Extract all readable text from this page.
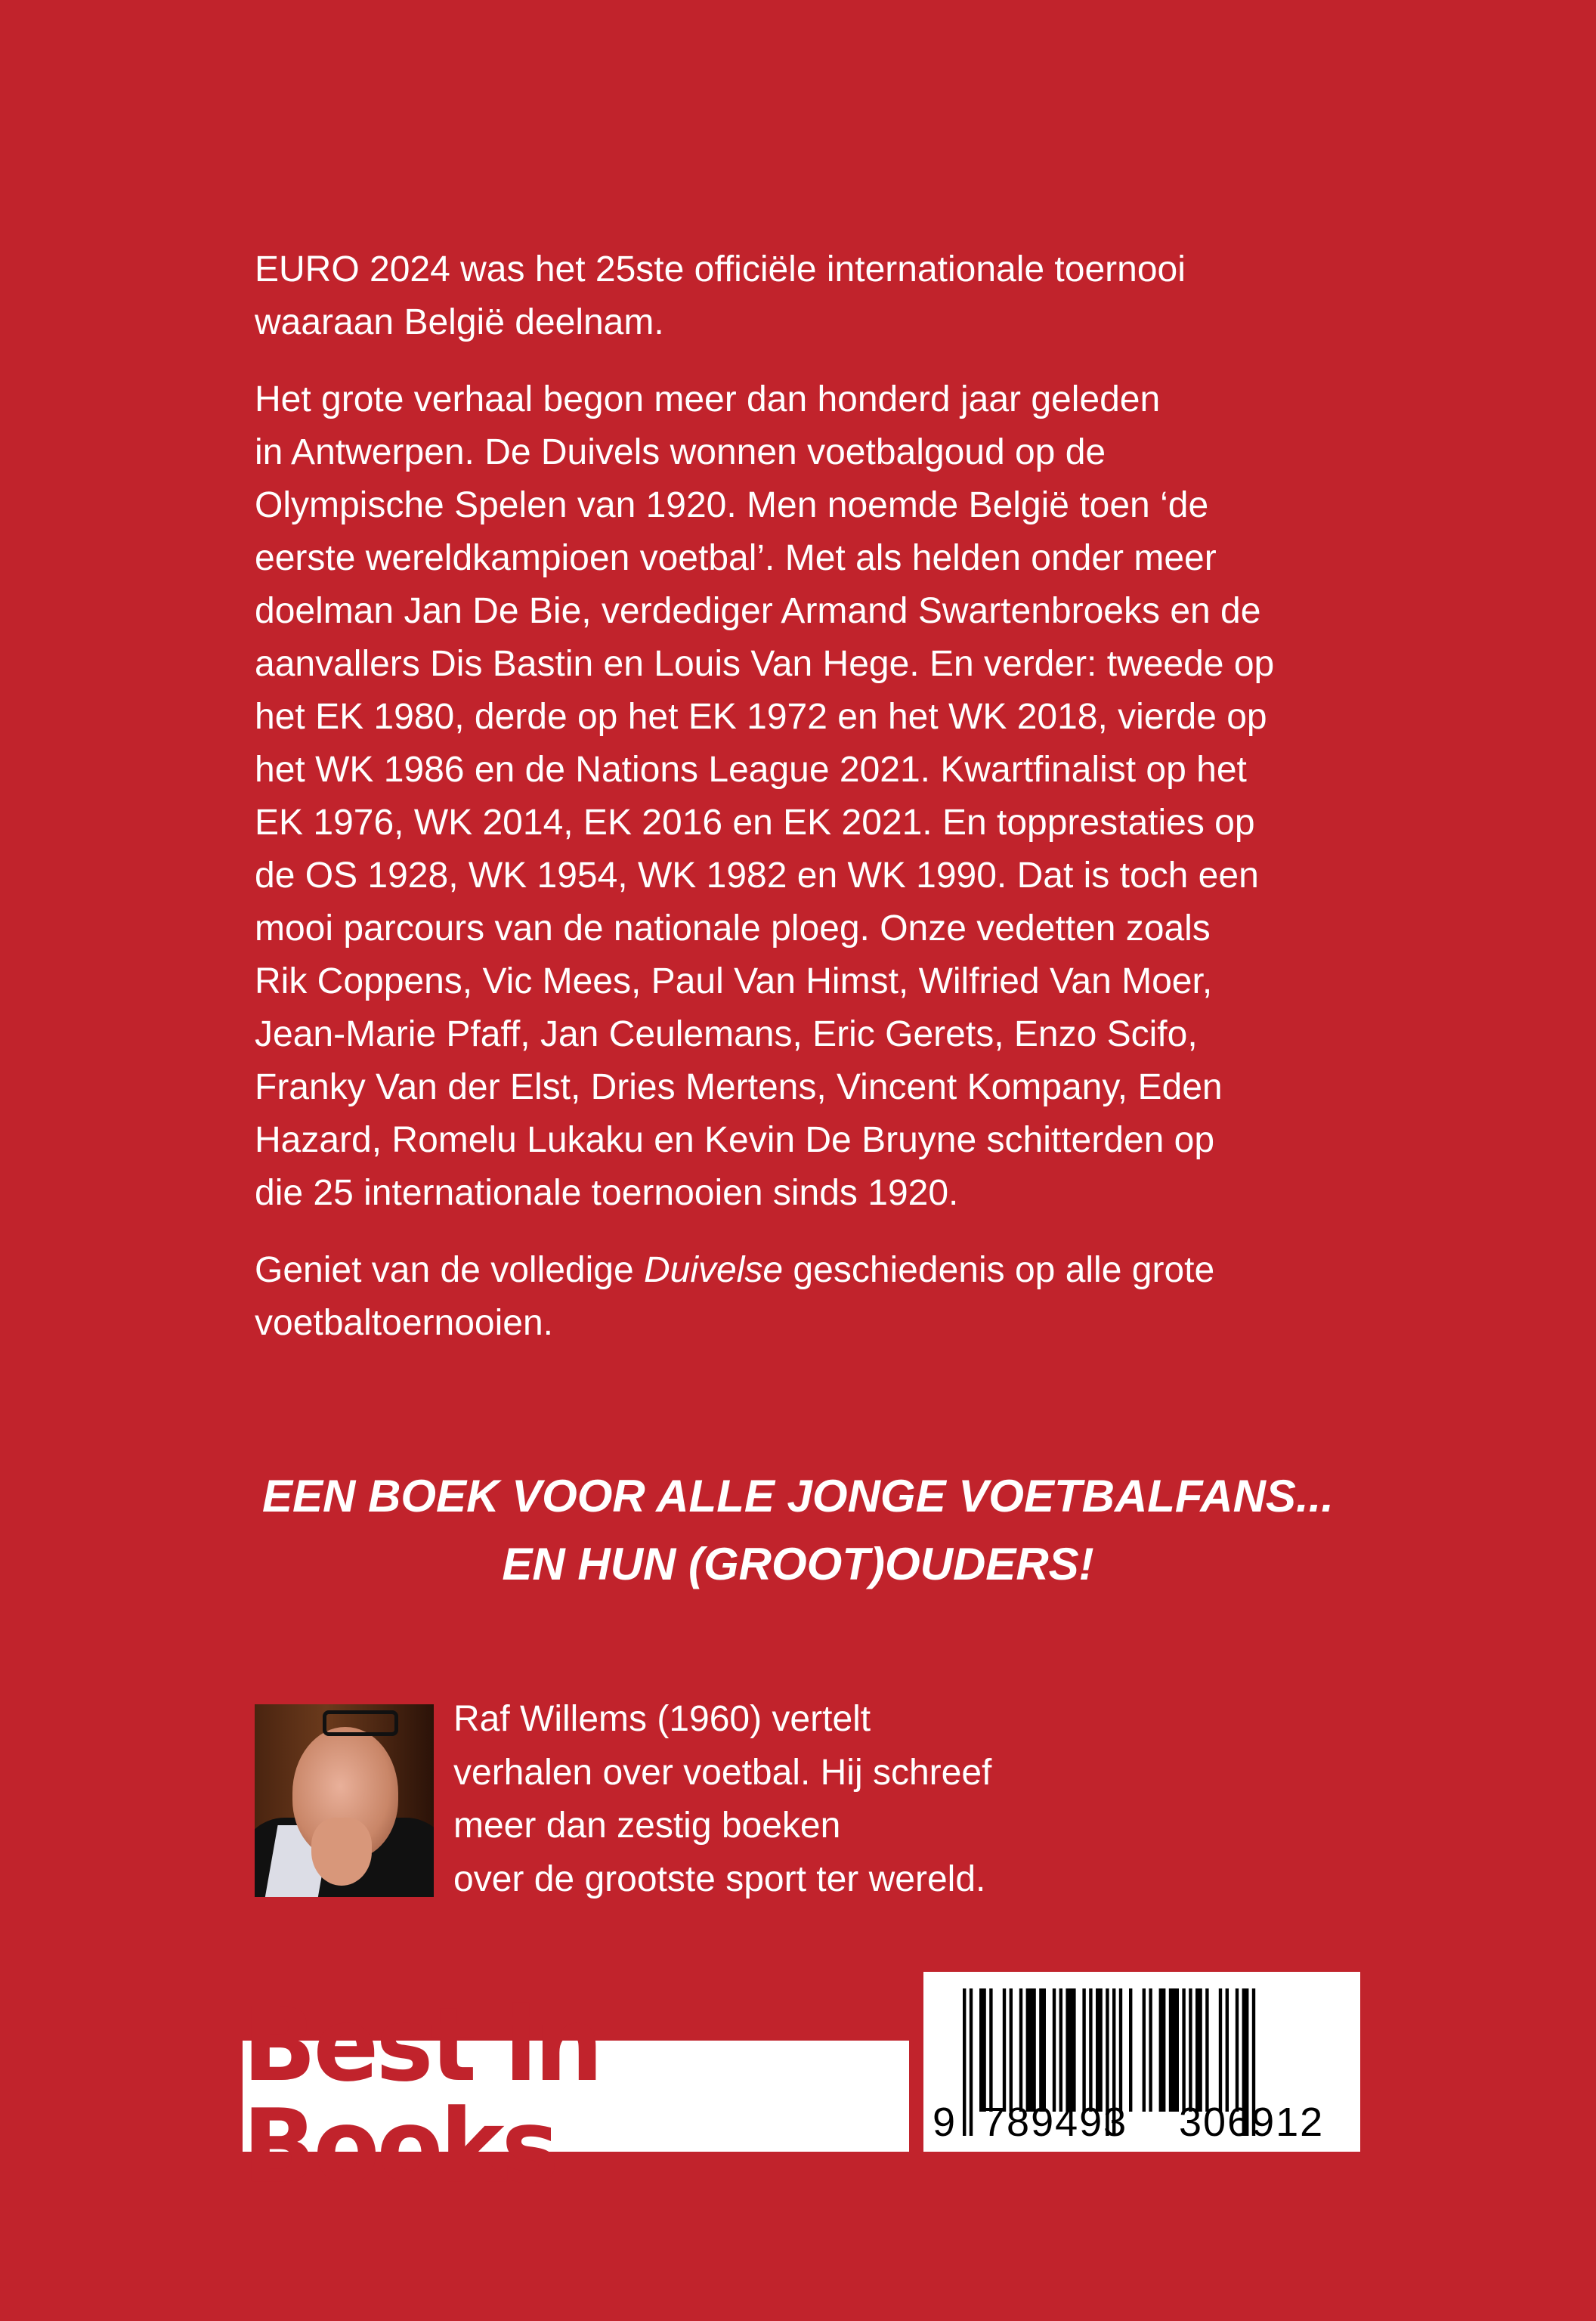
EURO 2024 was het 25ste officiële internationale toernooi
waaraan België deelnam.

Het grote verhaal begon meer dan honderd jaar geleden
in Antwerpen. De Duivels wonnen voetbalgoud op de
Olympische Spelen van 1920. Men noemde België toen ‘de
eerste wereldkampioen voetbal’. Met als helden onder meer
doelman Jan De Bie, verdediger Armand Swartenbroeks en de
aanvallers Dis Bastin en Louis Van Hege. En verder: tweede op
het EK 1980, derde op het EK 1972 en het WK 2018, vierde op
het WK 1986 en de Nations League 2021. Kwartfinalist op het
EK 1976, WK 2014, EK 2016 en EK 2021. En topprestaties op
de OS 1928, WK 1954, WK 1982 en WK 1990. Dat is toch een
mooi parcours van de nationale ploeg. Onze vedetten zoals
Rik Coppens, Vic Mees, Paul Van Himst, Wilfried Van Moer,
Jean-Marie Pfaff, Jan Ceulemans, Eric Gerets, Enzo Scifo,
Franky Van der Elst, Dries Mertens, Vincent Kompany, Eden
Hazard, Romelu Lukaku en Kevin De Bruyne schitterden op
die 25 internationale toernooien sinds 1920.

Geniet van de volledige Duivelse geschiedenis op alle grote
voetbaltoernooien.

EEN BOEK VOOR ALLE JONGE VOETBALFANS...
EN HUN (GROOT)OUDERS!
Raf Willems (1960) vertelt
verhalen over voetbal. Hij schreef
meer dan zestig boeken
over de grootste sport ter wereld.
Best in Books	9 789493 306912
